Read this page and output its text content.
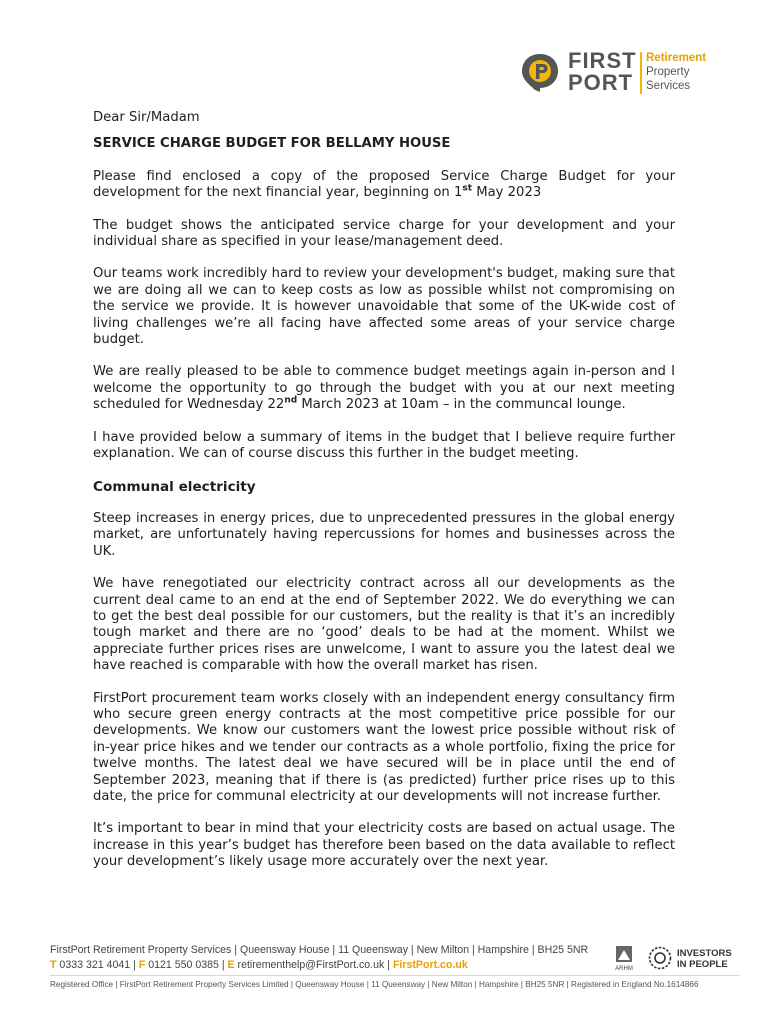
FIRST
PORT
Retirement
Property
Services

Dear Sir/Madam

SERVICE CHARGE BUDGET FOR BELLAMY HOUSE

Please find enclosed a copy of the proposed Service Charge Budget for your development for the next financial year, beginning on 1st May 2023

The budget shows the anticipated service charge for your development and your individual share as specified in your lease/management deed.

Our teams work incredibly hard to review your development's budget, making sure that we are doing all we can to keep costs as low as possible whilst not compromising on the service we provide. It is however unavoidable that some of the UK-wide cost of living challenges we’re all facing have affected some areas of your service charge budget.

We are really pleased to be able to commence budget meetings again in-person and I welcome the opportunity to go through the budget with you at our next meeting scheduled for Wednesday 22nd March 2023 at 10am – in the communcal lounge.

I have provided below a summary of items in the budget that I believe require further explanation. We can of course discuss this further in the budget meeting.

Communal electricity

Steep increases in energy prices, due to unprecedented pressures in the global energy market, are unfortunately having repercussions for homes and businesses across the UK.

We have renegotiated our electricity contract across all our developments as the current deal came to an end at the end of September 2022. We do everything we can to get the best deal possible for our customers, but the reality is that it’s an incredibly tough market and there are no ‘good’ deals to be had at the moment. Whilst we appreciate further prices rises are unwelcome, I want to assure you the latest deal we have reached is comparable with how the overall market has risen.

FirstPort procurement team works closely with an independent energy consultancy firm who secure green energy contracts at the most competitive price possible for our developments. We know our customers want the lowest price possible without risk of in-year price hikes and we tender our contracts as a whole portfolio, fixing the price for twelve months. The latest deal we have secured will be in place until the end of September 2023, meaning that if there is (as predicted) further price rises up to this date, the price for communal electricity at our developments will not increase further.

It’s important to bear in mind that your electricity costs are based on actual usage. The increase in this year’s budget has therefore been based on the data available to reflect your development’s likely usage more accurately over the next year.

FirstPort Retirement Property Services | Queensway House | 11 Queensway | New Milton | Hampshire | BH25 5NR
T 0333 321 4041 | F 0121 550 0385 | E retirementhelp@FirstPort.co.uk | FirstPort.co.uk
Registered Office | FirstPort Retirement Property Services Limited | Queensway House | 11 Queensway | New Milton | Hampshire | BH25 5NR | Registered in England No.1614866
ARHM
INVESTORS
IN PEOPLE
